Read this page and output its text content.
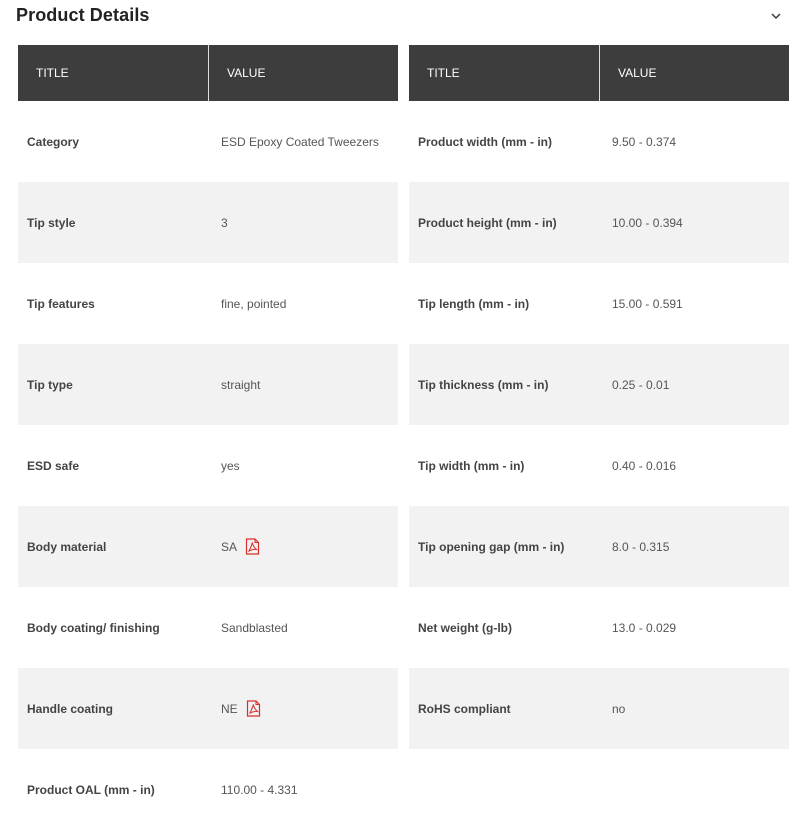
Product Details
TITLE	VALUE
Category	ESD Epoxy Coated Tweezers
Tip style	3
Tip features	fine, pointed
Tip type	straight
ESD safe	yes
Body material	SA
Body coating/ finishing	Sandblasted
Handle coating	NE
Product OAL (mm - in)	110.00 - 4.331
TITLE	VALUE
Product width (mm - in)	9.50 - 0.374
Product height (mm - in)	10.00 - 0.394
Tip length (mm - in)	15.00 - 0.591
Tip thickness (mm - in)	0.25 - 0.01
Tip width (mm - in)	0.40 - 0.016
Tip opening gap (mm - in)	8.0 - 0.315
Net weight (g-lb)	13.0 - 0.029
RoHS compliant	no
